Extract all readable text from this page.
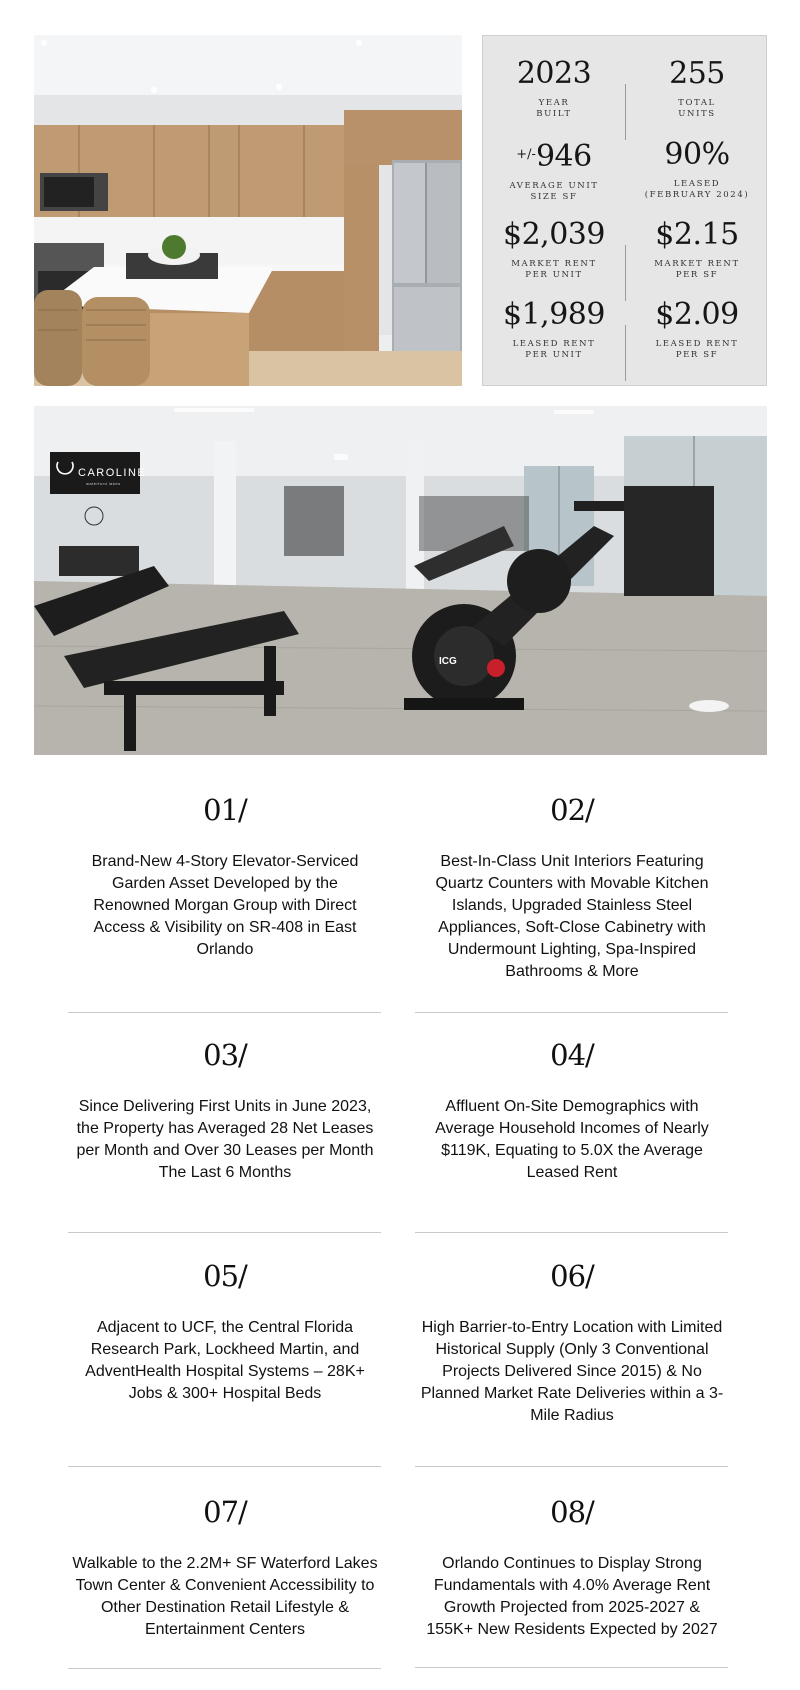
2023
YEAR
BUILT
255
TOTAL
UNITS
+/-946
AVERAGE UNIT
SIZE SF
90%
LEASED
(FEBRUARY 2024)
$2,039
MARKET RENT
PER UNIT
$2.15
MARKET RENT
PER SF
$1,989
LEASED RENT
PER UNIT
$2.09
LEASED RENT
PER SF
CAROLINE
waterford lakes
ICG
01/
Brand-New 4-Story Elevator-Serviced Garden Asset Developed by the Renowned Morgan Group with Direct Access & Visibility on SR-408 in East Orlando
02/
Best-In-Class Unit Interiors Featuring Quartz Counters with Movable Kitchen Islands, Upgraded Stainless Steel Appliances, Soft-Close Cabinetry with Undermount Lighting, Spa-Inspired Bathrooms & More
03/
Since Delivering First Units in June 2023, the Property has Averaged 28 Net Leases per Month and Over 30 Leases per Month The Last 6 Months
04/
Affluent On-Site Demographics with Average Household Incomes of Nearly $119K, Equating to 5.0X the Average Leased Rent
05/
Adjacent to UCF, the Central Florida Research Park, Lockheed Martin, and AdventHealth Hospital Systems – 28K+ Jobs & 300+ Hospital Beds
06/
High Barrier-to-Entry Location with Limited Historical Supply (Only 3 Conventional Projects Delivered Since 2015) & No Planned Market Rate Deliveries within a 3-Mile Radius
07/
Walkable to the 2.2M+ SF Waterford Lakes Town Center & Convenient Accessibility to Other Destination Retail Lifestyle & Entertainment Centers
08/
Orlando Continues to Display Strong Fundamentals with 4.0% Average Rent Growth Projected from 2025-2027 & 155K+ New Residents Expected by 2027
